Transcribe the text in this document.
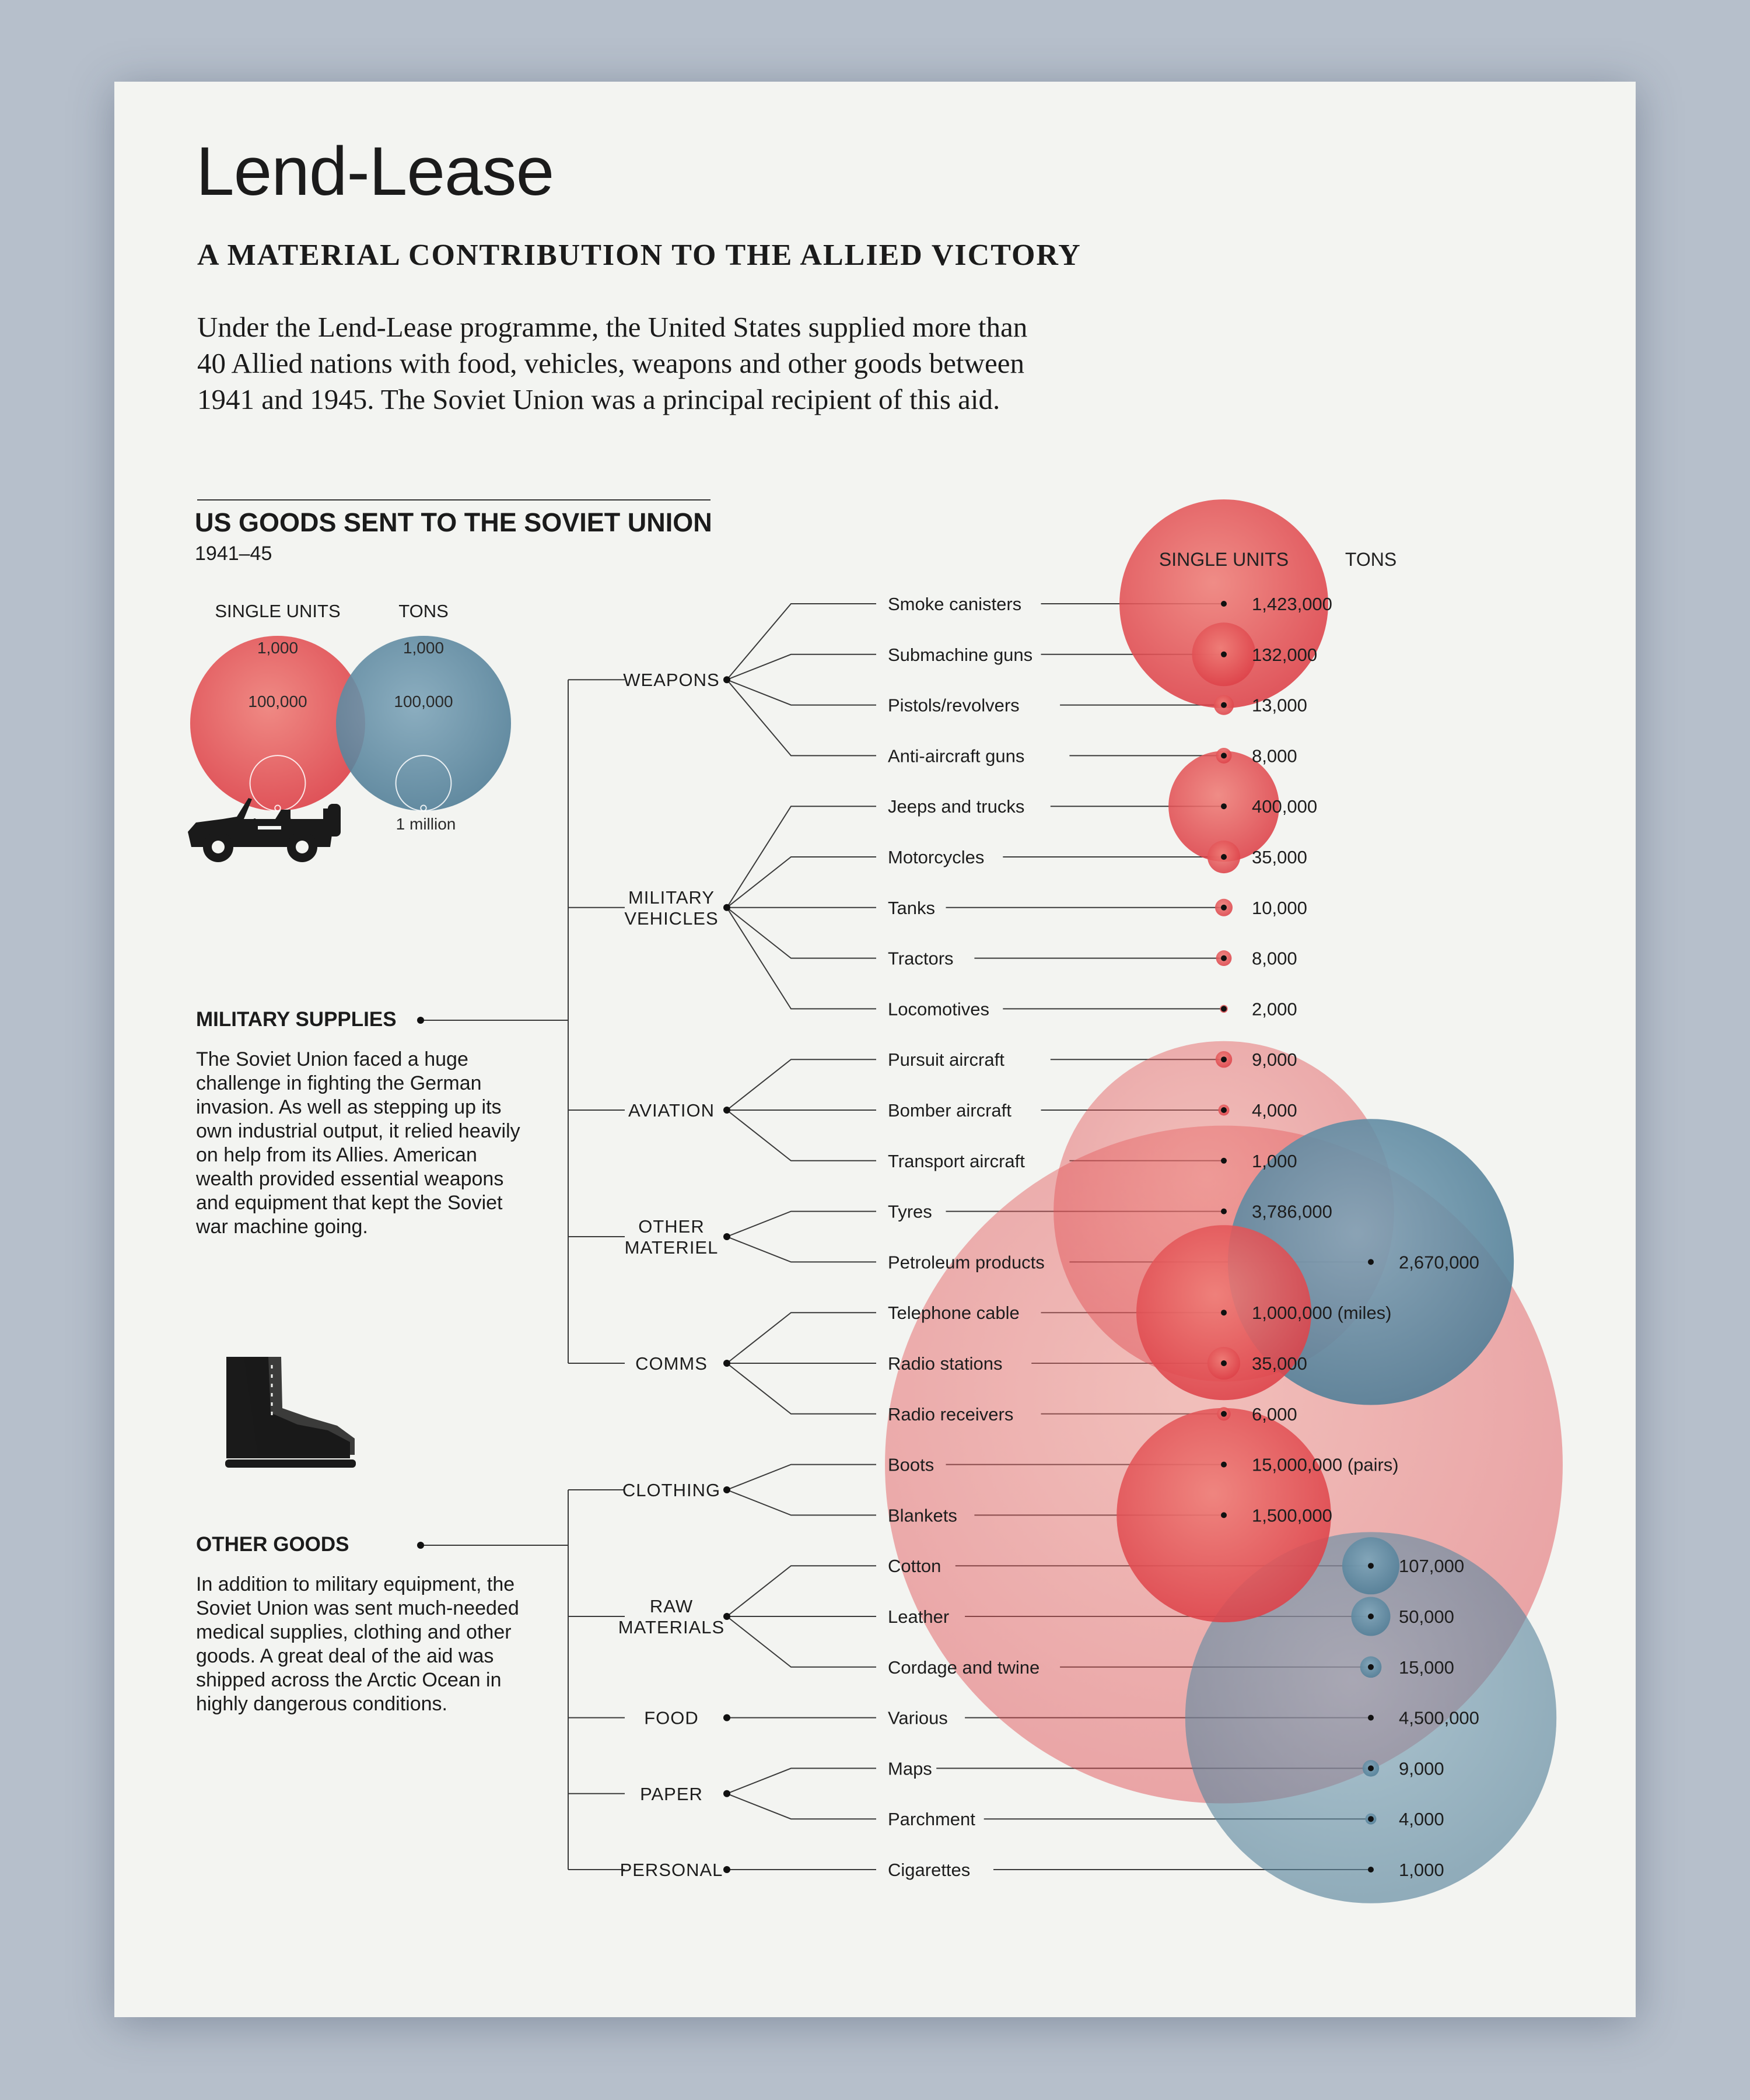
Lend-Lease
A MATERIAL CONTRIBUTION TO THE ALLIED VICTORY

Under the Lend-Lease programme, the United States supplied more than 40 Allied nations with food, vehicles, weapons and other goods between 1941 and 1945. The Soviet Union was a principal recipient of this aid.

US GOODS SENT TO THE SOVIET UNION
1941–45
SINGLE UNITS
1,000
100,000
TONS
1,000
100,000
1 million
SINGLE UNITS	TONS
Smoke canisters	1,423,000
Submachine guns	132,000
Pistols/revolvers	13,000
Anti-aircraft guns	8,000
WEAPONS
Jeeps and trucks	400,000
Motorcycles	35,000
Tanks	10,000
Tractors	8,000
Locomotives	2,000
MILITARY VEHICLES
Pursuit aircraft	9,000
Bomber aircraft	4,000
Transport aircraft	1,000
AVIATION
Tyres	3,786,000
Petroleum products	2,670,000
OTHER MATERIEL
Telephone cable	1,000,000 (miles)
Radio stations	35,000
Radio receivers	6,000
COMMS
Boots	15,000,000 (pairs)
Blankets	1,500,000
CLOTHING
Cotton	107,000
Leather	50,000
Cordage and twine	15,000
RAW MATERIALS
Various	4,500,000
FOOD
Maps	9,000
Parchment	4,000
PAPER
Cigarettes	1,000
PERSONAL
MILITARY SUPPLIES

The Soviet Union faced a huge challenge in fighting the German invasion. As well as stepping up its own industrial output, it relied heavily on help from its Allies. American wealth provided essential weapons and equipment that kept the Soviet war machine going.

OTHER GOODS

In addition to military equipment, the Soviet Union was sent much-needed medical supplies, clothing and other goods. A great deal of the aid was shipped across the Arctic Ocean in highly dangerous conditions.
